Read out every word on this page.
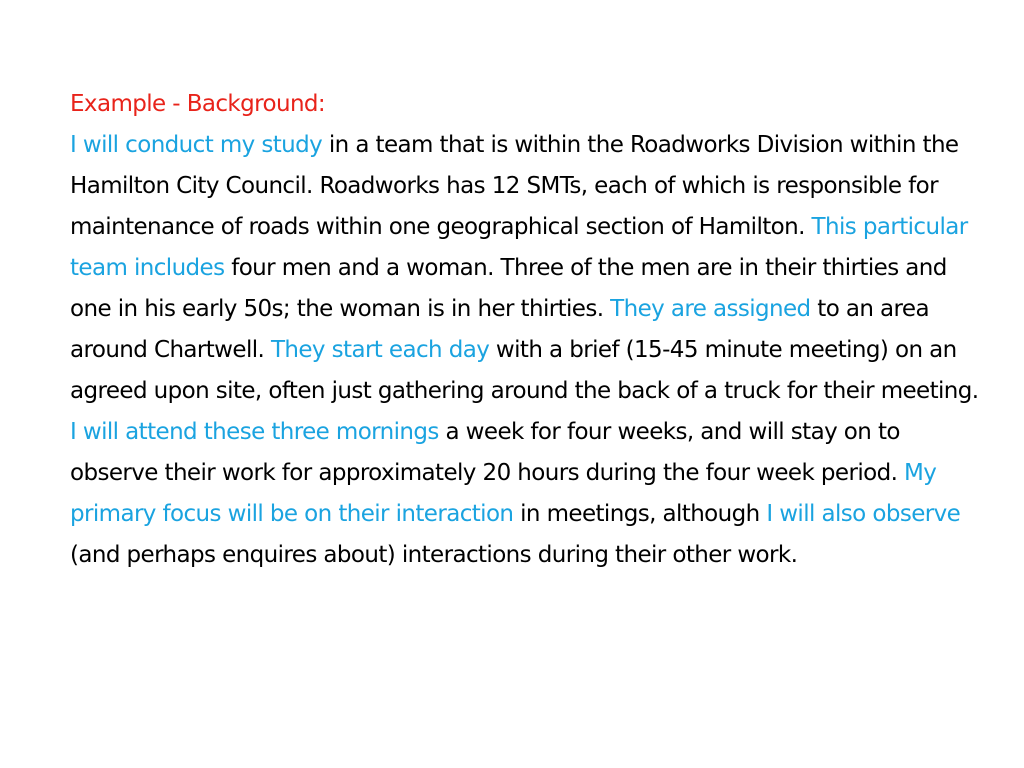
Example - Background:
I will conduct my study in a team that is within the Roadworks Division within the Hamilton City Council. Roadworks has 12 SMTs, each of which is responsible for maintenance of roads within one geographical section of Hamilton. This particular team includes four men and a woman. Three of the men are in their thirties and one in his early 50s; the woman is in her thirties. They are assigned to an area around Chartwell. They start each day with a brief (15-45 minute meeting) on an agreed upon site, often just gathering around the back of a truck for their meeting. I will attend these three mornings a week for four weeks, and will stay on to observe their work for approximately 20 hours during the four week period. My primary focus will be on their interaction in meetings, although I will also observe (and perhaps enquires about) interactions during their other work.
